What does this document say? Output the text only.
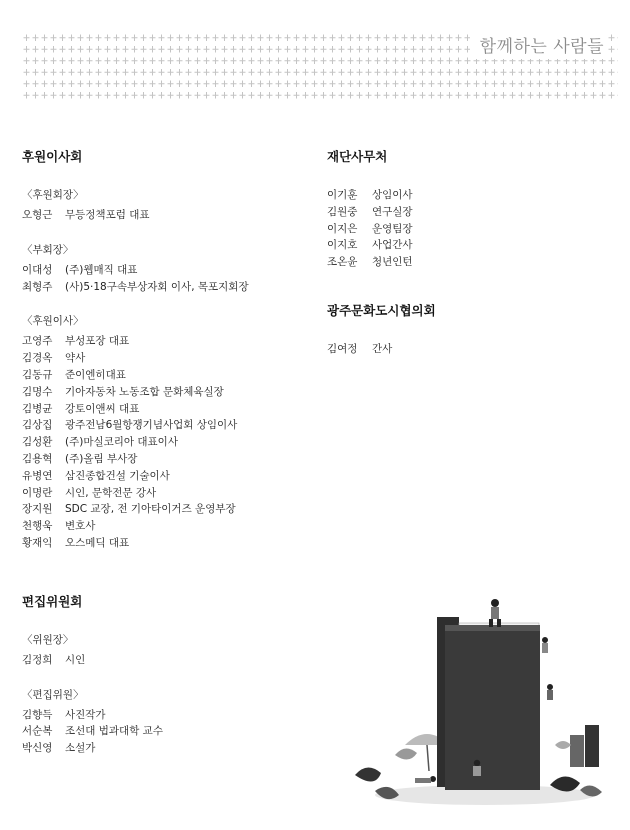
함께하는 사람들
후원이사회
〈후원회장〉
오형근	무등정책포럼 대표
〈부회장〉
이대성	(주)웹매직 대표
최형주	(사)5·18구속부상자회 이사, 목포지회장
〈후원이사〉
고영주	부성포장 대표
김경옥	약사
김동규	준이엔히대표
김명수	기아자동차 노동조합 문화체육실장
김병균	강토이앤씨 대표
김상집	광주전남6월항쟁기념사업회 상임이사
김성환	(주)마실코리아 대표이사
김용혁	(주)올림 부사장
유병연	삼진종합건설 기술이사
이명란	시인, 문학전문 강사
장지원	SDC 교장, 전 기아타이거즈 운영부장
천행욱	변호사
황재익	오스메딕 대표
편집위원회
〈위원장〉
김정희	시인
〈편집위원〉
김향득	사진작가
서순복	조선대 법과대학 교수
박신영	소설가
재단사무처
이기훈	상임이사
김원중	연구실장
이지은	운영팀장
이지호	사업간사
조온윤	청년인턴
광주문화도시협의회
김여정	간사
